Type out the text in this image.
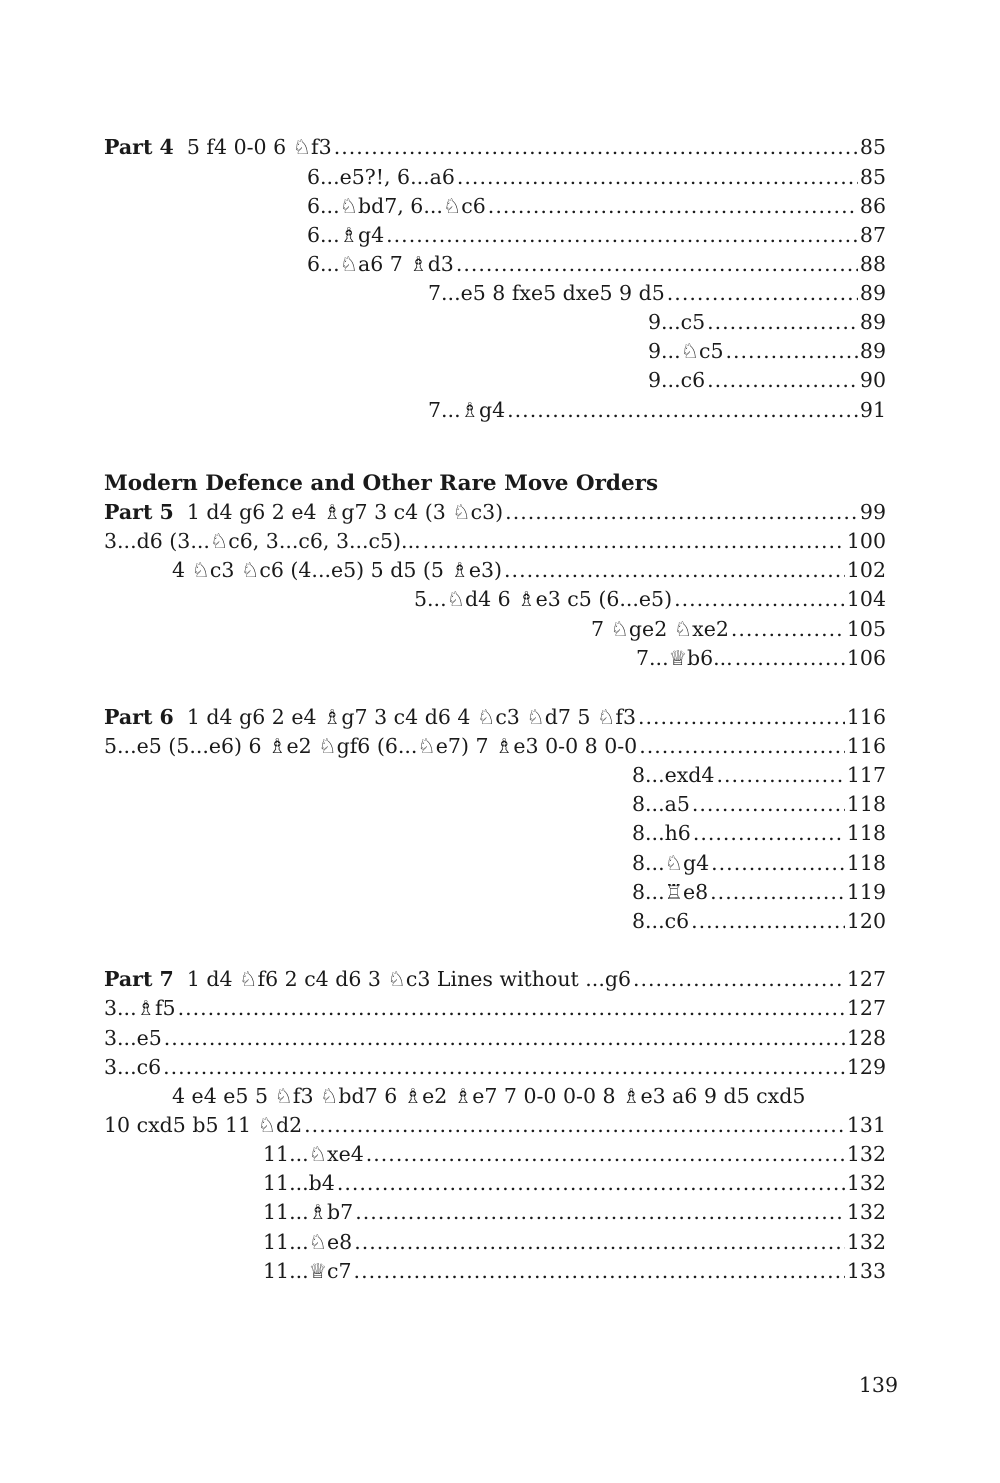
Part 4 5 f4 0-0 6 ♘f3 .....	85
6...e5?!, 6...a6 .....	85
6...♘bd7, 6...♘c6 .....	86
6...♗g4 .....	87
6...♘a6 7 ♗d3 .....	88
7...e5 8 fxe5 dxe5 9 d5 .....	89
9...c5 .....	89
9...♘c5 .....	89
9...c6 .....	90
7...♗g4 .....	91
Modern Defence and Other Rare Move Orders
Part 5 1 d4 g6 2 e4 ♗g7 3 c4 (3 ♘c3) .....	99
3...d6 (3...♘c6, 3...c6, 3...c5)... .....	100
4 ♘c3 ♘c6 (4...e5) 5 d5 (5 ♗e3) .....	102
5...♘d4 6 ♗e3 c5 (6...e5) .....	104
7 ♘ge2 ♘xe2 .....	105
7...♕b6... .....	106
Part 6 1 d4 g6 2 e4 ♗g7 3 c4 d6 4 ♘c3 ♘d7 5 ♘f3 .....	116
5...e5 (5...e6) 6 ♗e2 ♘gf6 (6...♘e7) 7 ♗e3 0-0 8 0-0 .....	116
8...exd4 .....	117
8...a5 .....	118
8...h6 .....	118
8...♘g4 .....	118
8...♖e8 .....	119
8...c6 .....	120
Part 7 1 d4 ♘f6 2 c4 d6 3 ♘c3 Lines without ...g6 .....	127
3...♗f5 .....	127
3...e5 .....	128
3...c6 .....	129
4 e4 e5 5 ♘f3 ♘bd7 6 ♗e2 ♗e7 7 0-0 0-0 8 ♗e3 a6 9 d5 cxd5
10 cxd5 b5 11 ♘d2 .....	131
11...♘xe4 .....	132
11...b4 .....	132
11...♗b7 .....	132
11...♘e8 .....	132
11...♕c7 .....	133
139
